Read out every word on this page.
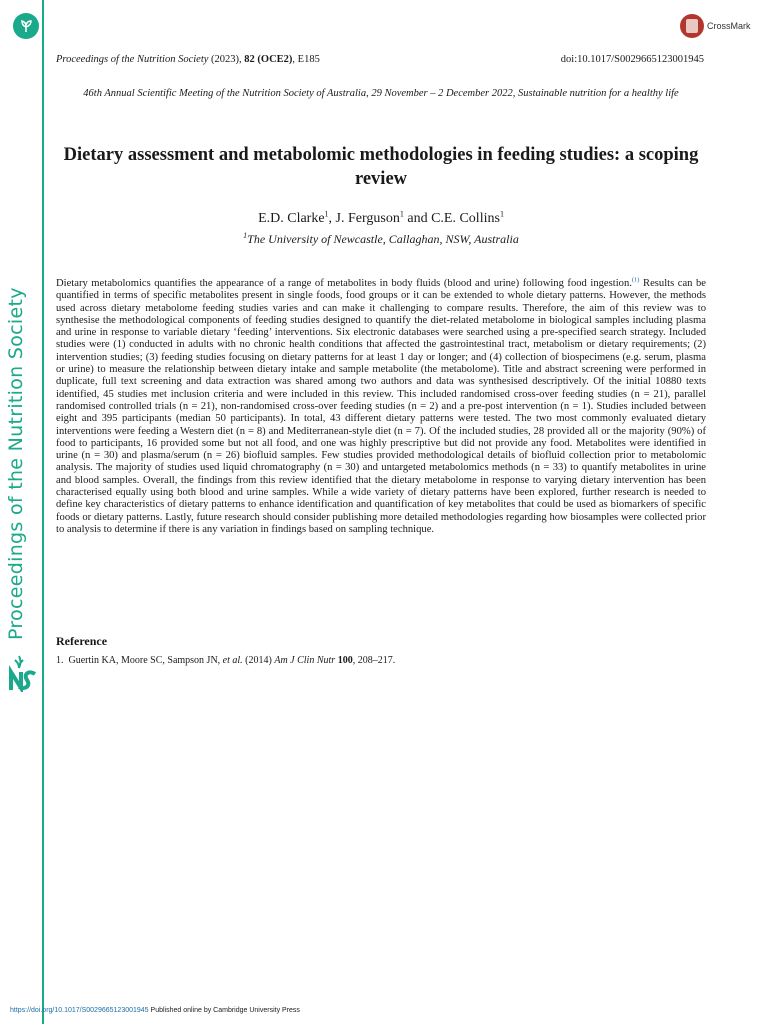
Proceedings of the Nutrition Society
CrossMark
Proceedings of the Nutrition Society (2023), 82 (OCE2), E185	doi:10.1017/S0029665123001945
46th Annual Scientific Meeting of the Nutrition Society of Australia, 29 November – 2 December 2022, Sustainable nutrition for a healthy life
Dietary assessment and metabolomic methodologies in feeding studies: a scoping review
E.D. Clarke$^1$, J. Ferguson$^1$ and C.E. Collins$^1$
$^1$The University of Newcastle, Callaghan, NSW, Australia
Dietary metabolomics quantifies the appearance of a range of metabolites in body fluids (blood and urine) following food ingestion.$^{(1)}$ Results can be quantified in terms of specific metabolites present in single foods, food groups or it can be extended to whole dietary patterns. However, the methods used across dietary metabolome feeding studies varies and can make it challenging to compare results. Therefore, the aim of this review was to synthesise the methodological components of feeding studies designed to quantify the diet-related metabolome in biological samples including plasma and urine in response to variable dietary ‘feeding’ interventions. Six electronic databases were searched using a pre-specified search strategy. Included studies were (1) conducted in adults with no chronic health conditions that affected the gastrointestinal tract, metabolism or dietary requirements; (2) intervention studies; (3) feeding studies focusing on dietary patterns for at least 1 day or longer; and (4) collection of biospecimens (e.g. serum, plasma or urine) to measure the relationship between dietary intake and sample metabolite (the metabolome). Title and abstract screening were performed in duplicate, full text screening and data extraction was shared among two authors and data was synthesised descriptively. Of the initial 10880 texts identified, 45 studies met inclusion criteria and were included in this review. This included randomised cross-over feeding studies (n = 21), parallel randomised controlled trials (n = 21), non-randomised cross-over feeding studies (n = 2) and a pre-post intervention (n = 1). Studies included between eight and 395 participants (median 50 participants). In total, 43 different dietary patterns were tested. The two most commonly evaluated dietary interventions were feeding a Western diet (n = 8) and Mediterranean-style diet (n = 7). Of the included studies, 28 provided all or the majority (90%) of food to participants, 16 provided some but not all food, and one was highly prescriptive but did not provide any food. Metabolites were identified in urine (n = 30) and plasma/serum (n = 26) biofluid samples. Few studies provided methodological details of biofluid collection prior to metabolomic analysis. The majority of studies used liquid chromatography (n = 30) and untargeted metabolomics methods (n = 33) to quantify metabolites in urine and blood samples. Overall, the findings from this review identified that the dietary metabolome in response to varying dietary intervention has been characterised equally using both blood and urine samples. While a wide variety of dietary patterns have been explored, further research is needed to define key characteristics of dietary patterns to enhance identification and quantification of key metabolites that could be used as biomarkers of specific foods or dietary patterns. Lastly, future research should consider publishing more detailed methodologies regarding how biosamples were collected prior to analysis to determine if there is any variation in findings based on sampling technique.
Reference
1. Guertin KA, Moore SC, Sampson JN, et al. (2014) Am J Clin Nutr 100, 208–217.
https://doi.org/10.1017/S0029665123001945 Published online by Cambridge University Press
